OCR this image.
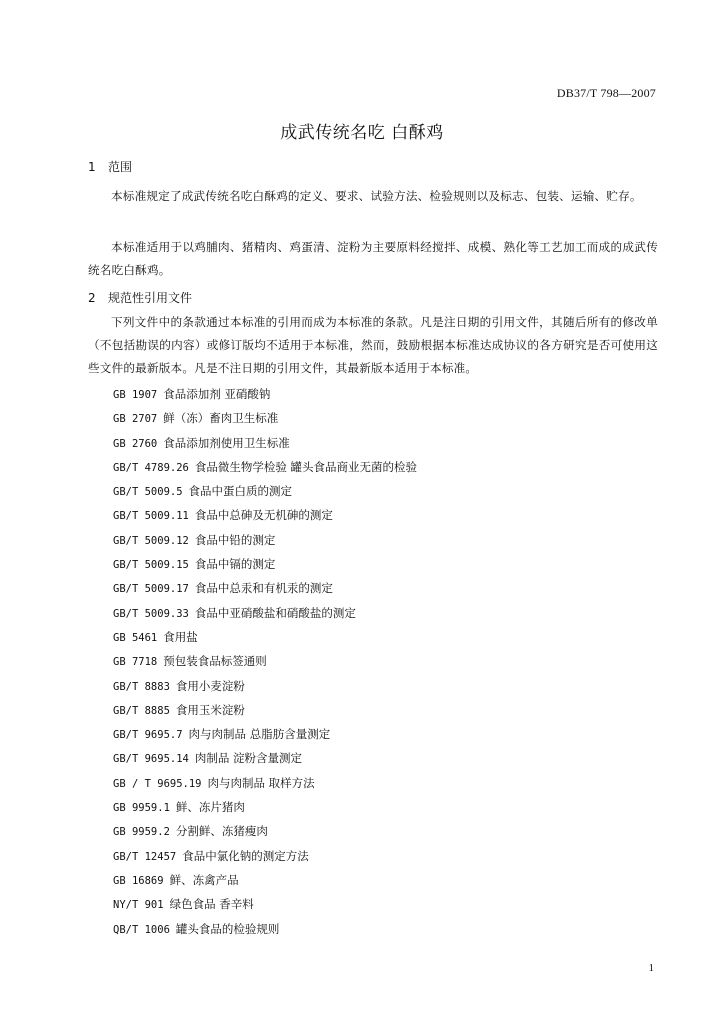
DB37/T 798—2007
成武传统名吃 白酥鸡
1 范围
本标准规定了成武传统名吃白酥鸡的定义、要求、试验方法、检验规则以及标志、包装、运输、贮存。
本标准适用于以鸡脯肉、猪精肉、鸡蛋清、淀粉为主要原料经搅拌、成模、熟化等工艺加工而成的成武传统名吃白酥鸡。
2 规范性引用文件
下列文件中的条款通过本标准的引用而成为本标准的条款。凡是注日期的引用文件，其随后所有的修改单（不包括勘误的内容）或修订版均不适用于本标准，然而，鼓励根据本标准达成协议的各方研究是否可使用这些文件的最新版本。凡是不注日期的引用文件，其最新版本适用于本标准。
GB 1907 食品添加剂 亚硝酸钠
GB 2707 鲜（冻）畜肉卫生标准
GB 2760 食品添加剂使用卫生标准
GB/T 4789.26 食品微生物学检验 罐头食品商业无菌的检验
GB/T 5009.5 食品中蛋白质的测定
GB/T 5009.11 食品中总砷及无机砷的测定
GB/T 5009.12 食品中铅的测定
GB/T 5009.15 食品中镉的测定
GB/T 5009.17 食品中总汞和有机汞的测定
GB/T 5009.33 食品中亚硝酸盐和硝酸盐的测定
GB 5461 食用盐
GB 7718 预包装食品标签通则
GB/T 8883 食用小麦淀粉
GB/T 8885 食用玉米淀粉
GB/T 9695.7 肉与肉制品 总脂肪含量测定
GB/T 9695.14 肉制品 淀粉含量测定
GB / T 9695.19 肉与肉制品 取样方法
GB 9959.1 鲜、冻片猪肉
GB 9959.2 分割鲜、冻猪瘦肉
GB/T 12457 食品中氯化钠的测定方法
GB 16869 鲜、冻禽产品
NY/T 901 绿色食品 香辛料
QB/T 1006 罐头食品的检验规则
1
